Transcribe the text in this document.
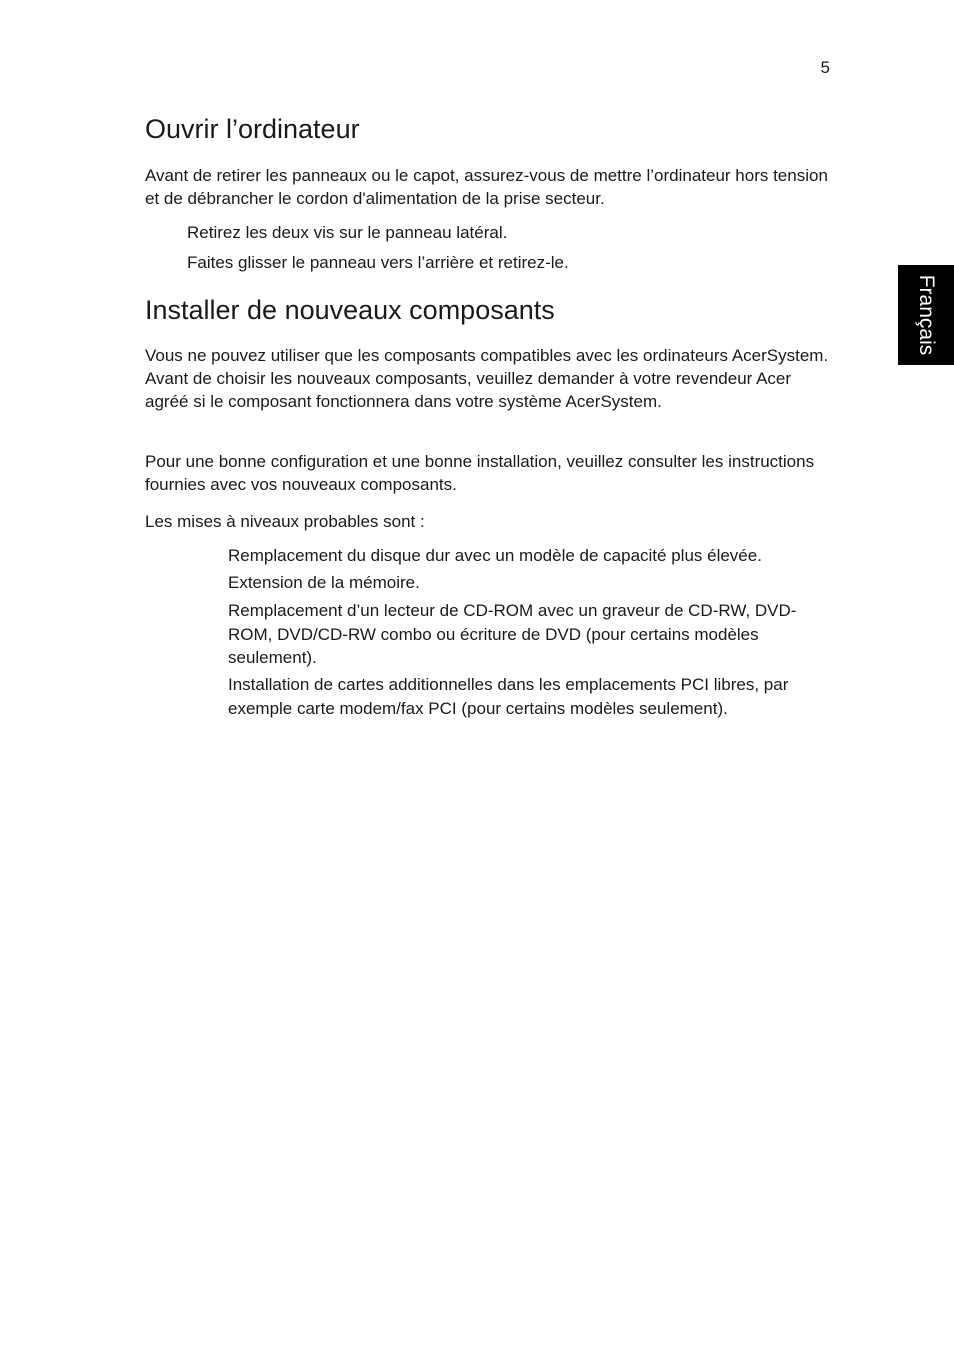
5
Français
Ouvrir l’ordinateur

Avant de retirer les panneaux ou le capot, assurez-vous de mettre l’ordinateur hors tension et de débrancher le cordon d'alimentation de la prise secteur.

Retirez les deux vis sur le panneau latéral.

Faites glisser le panneau vers l’arrière et retirez-le.

Installer de nouveaux composants

Vous ne pouvez utiliser que les composants compatibles avec les ordinateurs AcerSystem. Avant de choisir les nouveaux composants, veuillez demander à votre revendeur Acer agréé si le composant fonctionnera dans votre système AcerSystem.

Pour une bonne configuration et une bonne installation, veuillez consulter les instructions fournies avec vos nouveaux composants.

Les mises à niveaux probables sont :

Remplacement du disque dur avec un modèle de capacité plus élevée.

Extension de la mémoire.

Remplacement d’un lecteur de CD-ROM avec un graveur de CD-RW, DVD-ROM, DVD/CD-RW combo ou écriture de DVD (pour certains modèles seulement).

Installation de cartes additionnelles dans les emplacements PCI libres, par exemple carte modem/fax PCI (pour certains modèles seulement).
